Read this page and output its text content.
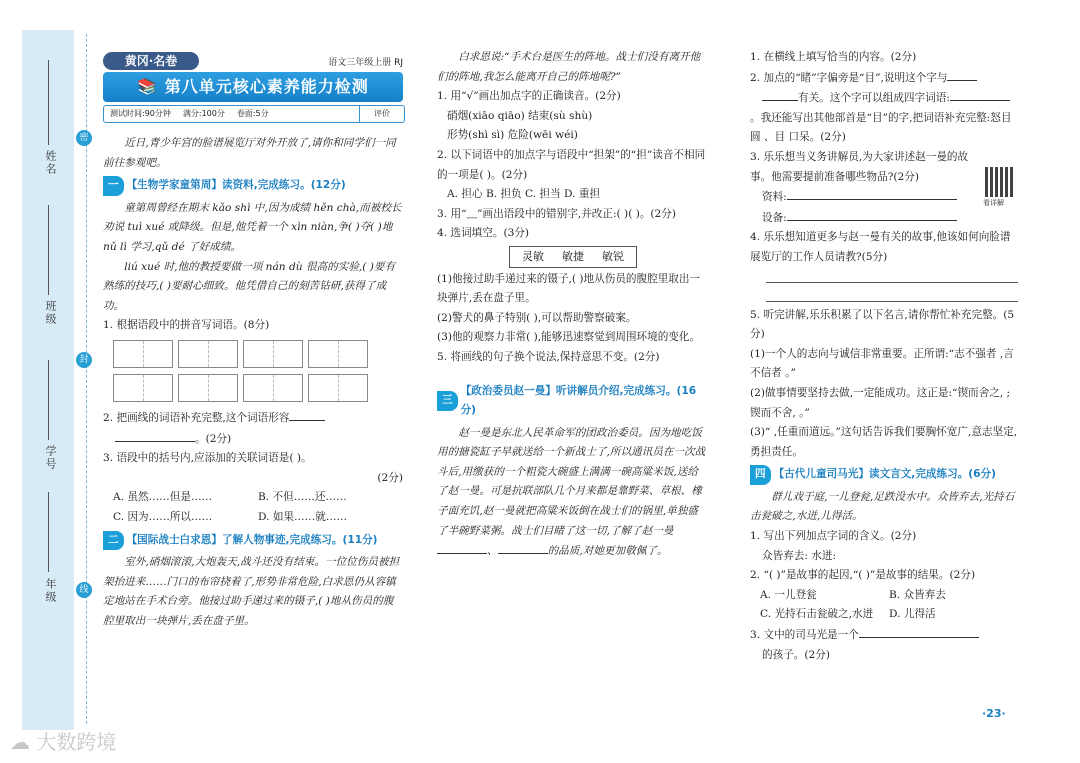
姓名
班级
学号
年级
密
封
线
黄冈·名卷	语文三年级上册 RJ
📚 第八单元核心素养能力检测
测试时间:90分钟	满分:100分	卷面:5分	评价

近日,青少年宫的脸谱展览厅对外开放了,请你和同学们一同前往参观吧。

一 【生物学家童第周】读资料,完成练习。(12分)

童第周曾经在期末 kǎo shì 中,因为成绩 hěn chà,而被校长劝说 tuì xué 或降级。但是,他凭着一个 xìn niàn,争( )夺( )地 nǔ lì 学习,qǔ dé 了好成绩。

liú xué 时,他的教授要做一项 nán dù 很高的实验,( )要有熟练的技巧,( )要耐心细致。他凭借自己的刻苦钻研,获得了成功。

1. 根据语段中的拼音写词语。(8分)

2. 把画线的词语补充完整,这个词语形容
。(2分)

3. 语段中的括号内,应添加的关联词语是( )。

(2分)

A. 虽然……但是……	B. 不但……还……
C. 因为……所以……	D. 如果……就……
二 【国际战士白求恩】了解人物事迹,完成练习。(11分)

室外,硝烟滚滚,大炮轰天,战斗还没有结束。一位位伤员被担架抬进来……门口的布帘挠着了,形势非常危险,白求恩仍从容镇定地站在手术台旁。他接过助手递过来的镊子,( )地从伤员的腹腔里取出一块弹片,丢在盘子里。

白求恩说:“手术台是医生的阵地。战士们没有离开他们的阵地,我怎么能离开自己的阵地呢?”

1. 用“√”画出加点字的正确读音。(2分)

硝烟(xiāo qiāo) 结束(sù shù)

形势(shì sì) 危险(wēi wéi)

2. 以下词语中的加点字与语段中“担架”的“担”读音不相同的一项是( )。(2分)

A. 担心 B. 担负 C. 担当 D. 重担

3. 用“﹏”画出语段中的错别字,并改正:( )( )。(2分)

4. 选词填空。(3分)

灵敏 敏捷 敏锐

(1)他接过助手递过来的镊子,( )地从伤员的腹腔里取出一块弹片,丢在盘子里。

(2)警犬的鼻子特别( ),可以帮助警察破案。

(3)他的观察力非常( ),能够迅速察觉到周围环境的变化。

5. 将画线的句子换个说法,保持意思不变。(2分)

三
【政治委员赵一曼】听讲解员介绍,完成练习。(16分)

赵一曼是东北人民革命军的团政治委员。因为地吃饭用的搪瓷缸子早就送给一个新战士了,所以通讯员在一次战斗后,用缴获的一个粗瓷大碗盛上满满一碗高粱米饭,送给了赵一曼。可是抗联部队几个月来都是靠野菜、草根、橡子面充饥,赵一曼就把高粱米饭倒在战士们的锅里,单独盛了半碗野菜粥。战士们目睹了这一切,了解了赵一曼、	的品质,对她更加敬佩了。

1. 在横线上填写恰当的内容。(2分)

2. 加点的“睹”字偏旁是“目”,说明这个字与
有关。这个字可以组成四字词语:
。我还能写出其他部首是“目”的字,把词语补充完整:怒目圆 、目 口呆。(2分)

3. 乐乐想当义务讲解员,为大家讲述赵一曼的故事。他需要提前准备哪些物品?(2分)

资料:

设备:

4. 乐乐想知道更多与赵一曼有关的故事,他该如何向脸谱展览厅的工作人员请教?(5分)

5. 听完讲解,乐乐积累了以下名言,请你帮忙补充完整。(5分)

(1)一个人的志向与诚信非常重要。正所谓:“志不强者 ,言不信者 。”

(2)做事情要坚持去做,一定能成功。这正是:“锲而舍之, ;锲而不舍, 。”

(3)“ ,任重而道远。”这句话告诉我们要胸怀宽广,意志坚定,勇担责任。

四 【古代儿童司马光】读文言文,完成练习。(6分)

群儿戏于庭,一儿登瓮,足跌没水中。众皆弃去,光持石击瓮破之,水迸,儿得活。

1. 写出下列加点字词的含义。(2分)

众皆弃去: 水迸:

2. “( )”是故事的起因,“( )”是故事的结果。(2分)

A. 一儿登瓮	B. 众皆弃去
C. 光持石击瓮破之,水迸	D. 儿得活

3. 文中的司马光是一个
的孩子。(2分)

看详解
·23·
☁ 大数跨境
